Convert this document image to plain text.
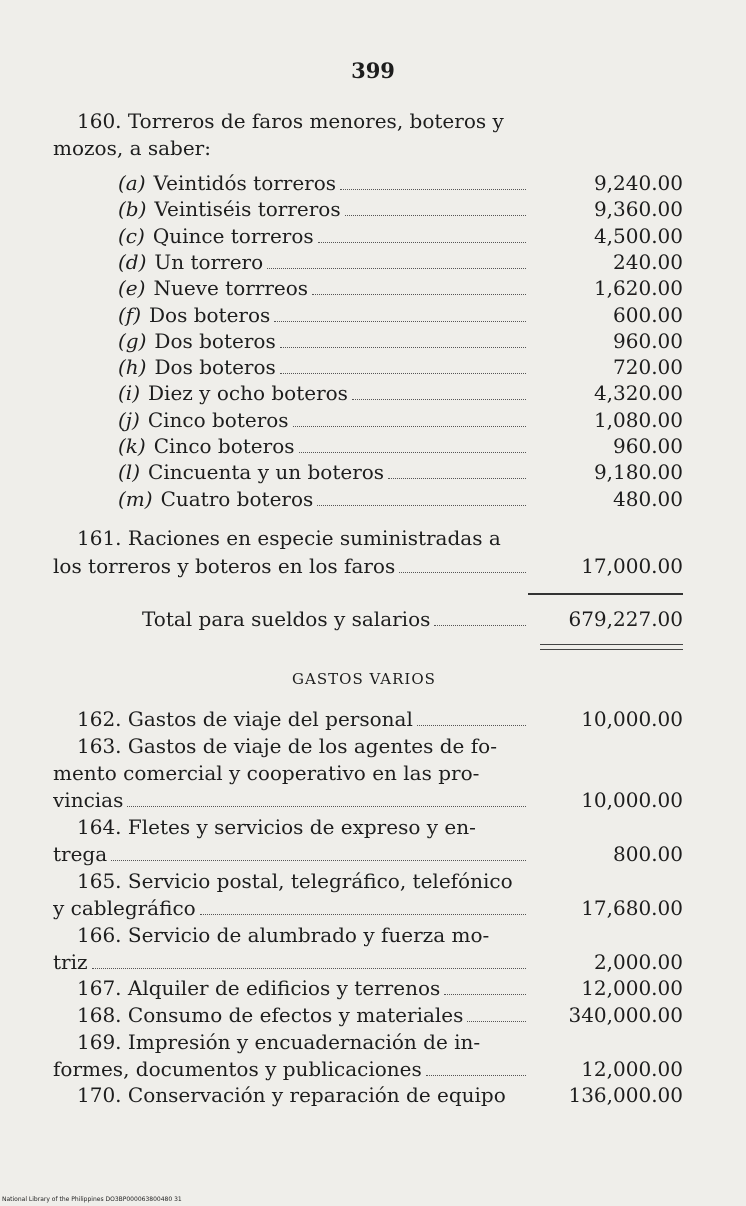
399
160. Torreros de faros menores, boteros y
mozos, a saber:
(a) Veintidós torreros	9,240.00
(b) Veintiséis torreros	9,360.00
(c) Quince torreros	4,500.00
(d) Un torrero	240.00
(e) Nueve torrreos	1,620.00
(f) Dos boteros	600.00
(g) Dos boteros	960.00
(h) Dos boteros	720.00
(i) Diez y ocho boteros	4,320.00
(j) Cinco boteros	1,080.00
(k) Cinco boteros	960.00
(l) Cincuenta y un boteros	9,180.00
(m) Cuatro boteros	480.00
161. Raciones en especie suministradas a
los torreros y boteros en los faros	17,000.00
Total para sueldos y salarios	679,227.00
GASTOS VARIOS
162. Gastos de viaje del personal	10,000.00
163. Gastos de viaje de los agentes de fo-
mento comercial y cooperativo en las pro-
vincias	10,000.00
164. Fletes y servicios de expreso y en-
trega	800.00
165. Servicio postal, telegráfico, telefónico
y cablegráfico	17,680.00
166. Servicio de alumbrado y fuerza mo-
triz	2,000.00
167. Alquiler de edificios y terrenos	12,000.00
168. Consumo de efectos y materiales	340,000.00
169. Impresión y encuadernación de in-
formes, documentos y publicaciones	12,000.00
170. Conservación y reparación de equipo	136,000.00
National Library of the Philippines DO3BP000063800480 31
